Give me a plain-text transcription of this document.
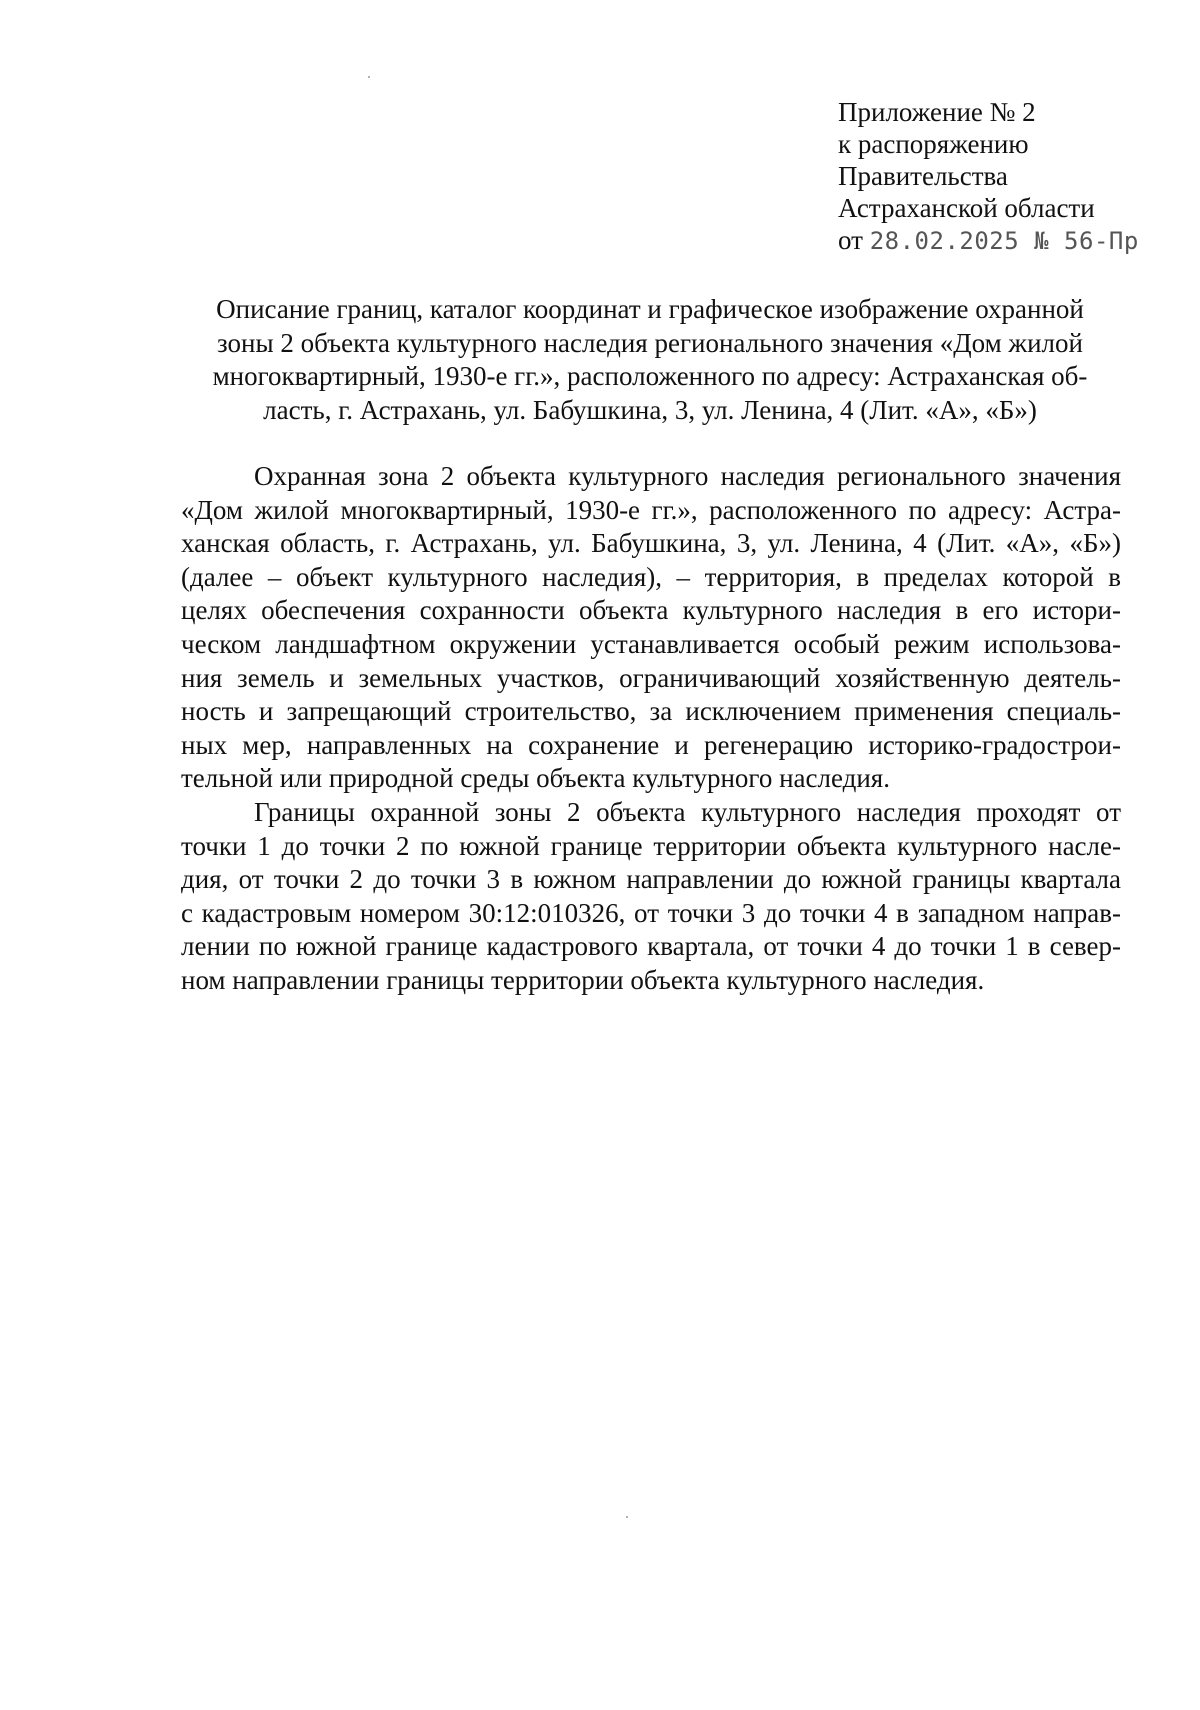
Приложение № 2
к распоряжению
Правительства
Астраханской области
от 28.02.2025 № 56-Пр
Описание границ, каталог координат и графическое изображение охранной
зоны 2 объекта культурного наследия регионального значения «Дом жилой
многоквартирный, 1930-е гг.», расположенного по адресу: Астраханская об-
ласть, г. Астрахань, ул. Бабушкина, 3, ул. Ленина, 4 (Лит. «А», «Б»)
Охранная зона 2 объекта культурного наследия регионального значения
«Дом жилой многоквартирный, 1930-е гг.», расположенного по адресу: Астра-
ханская область, г. Астрахань, ул. Бабушкина, 3, ул. Ленина, 4 (Лит. «А», «Б»)
(далее – объект культурного наследия), – территория, в пределах которой в
целях обеспечения сохранности объекта культурного наследия в его истори-
ческом ландшафтном окружении устанавливается особый режим использова-
ния земель и земельных участков, ограничивающий хозяйственную деятель-
ность и запрещающий строительство, за исключением применения специаль-
ных мер, направленных на сохранение и регенерацию историко-градострои-
тельной или природной среды объекта культурного наследия.
Границы охранной зоны 2 объекта культурного наследия проходят от
точки 1 до точки 2 по южной границе территории объекта культурного насле-
дия, от точки 2 до точки 3 в южном направлении до южной границы квартала
с кадастровым номером 30:12:010326, от точки 3 до точки 4 в западном направ-
лении по южной границе кадастрового квартала, от точки 4 до точки 1 в север-
ном направлении границы территории объекта культурного наследия.
